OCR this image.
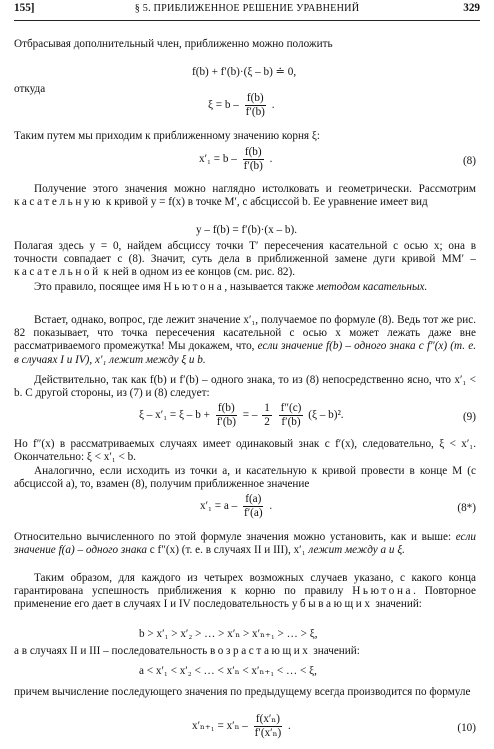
155]	§ 5. ПРИБЛИЖЕННОЕ РЕШЕНИЕ УРАВНЕНИЙ	329
Отбрасывая дополнительный член, приближенно можно положить
f(b) + f′(b)·(ξ – b) ≐ 0,
откуда
$\xi = b - \frac{f(b)}{f'(b)}$ .
Таким путем мы приходим к приближенному значению корня ξ:
$x'_1 = b - \frac{f(b)}{f'(b)}$ .	(8)
Получение этого значения можно наглядно истолковать и геометрически. Рассмотрим касательную к кривой y = f(x) в точке M′, с абсциссой b. Ее уравнение имеет вид
y – f(b) = f′(b)·(x – b).
Полагая здесь y = 0, найдем абсциссу точки T′ пересечения касательной с осью x; она в точности совпадает с (8). Значит, суть дела в приближенной замене дуги кривой MM′ – касательной к ней в одном из ее концов (см. рис. 82).
Это правило, посящее имя Ньютона, называется также методом касательных.
Встает, однако, вопрос, где лежит значение x′₁, получаемое по формуле (8). Ведь тот же рис. 82 показывает, что точка пересечения касательной с осью x может лежать даже вне рассматриваемого промежутка! Мы докажем, что, если значение f(b) – одного знака с f″(x) (т. е. в случаях I и IV), x′₁ лежит между ξ и b.
Действительно, так как f(b) и f′(b) – одного знака, то из (8) непосредственно ясно, что x′₁ < b. С другой стороны, из (7) и (8) следует:
$\xi - x'_1 = \xi - b + \frac{f(b)}{f'(b)}$ = – $\frac{1}{2}$
$\frac{f''(c)}{f'(b)} (\xi - b)^2$.	(9)
Но f″(x) в рассматриваемых случаях имеет одинаковый знак с f′(x), следовательно, ξ < x′₁. Окончательно: ξ < x′₁ < b.
Аналогично, если исходить из точки a, и касательную к кривой провести в конце M (с абсциссой a), то, взамен (8), получим приближенное значение
$x'_1 = a - \frac{f(a)}{f'(a)}$ .	(8*)
Относительно вычисленного по этой формуле значения можно установить, как и выше: если значение f(a) – одного знака с f″(x) (т. е. в случаях II и III), x′₁ лежит между a и ξ.
Таким образом, для каждого из четырех возможных случаев указано, с какого конца гарантирована успешность приближения к корню по правилу Ньютона. Повторное применение его дает в случаях I и IV последовательность убывающих значений:
b > x′₁ > x′₂ > … > x′ₙ > x′ₙ₊₁ > … > ξ,
а в случаях II и III – последовательность возрастающих значений:
a < x′₁ < x′₂ < … < x′ₙ < x′ₙ₊₁ < … < ξ,
причем вычисление последующего значения по предыдущему всегда производится по формуле
$x'_{n+1} = x'_n - \frac{\text{f(x′ₙ)}}{\text{f′(x′ₙ)}}$ .	(10)
